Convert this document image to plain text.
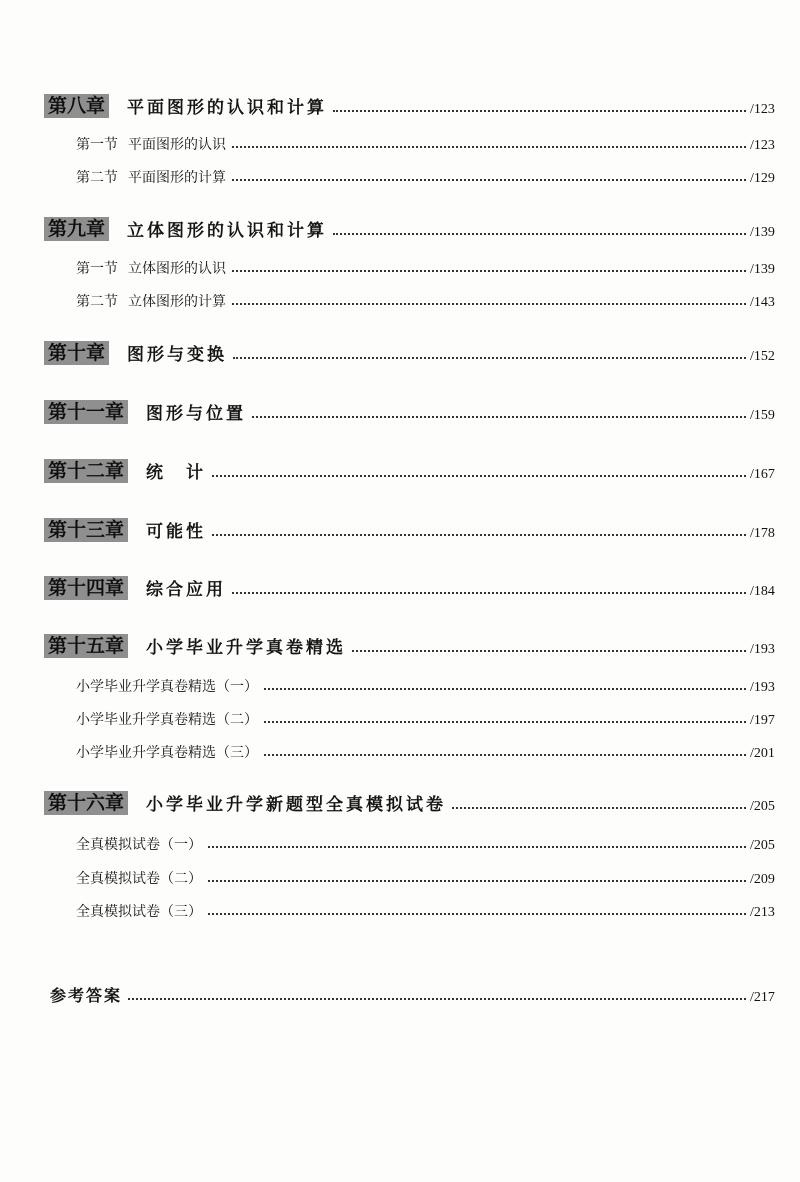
第八章 平面图形的认识和计算	/123
第一节 平面图形的认识	/123
第二节 平面图形的计算	/129
第九章 立体图形的认识和计算	/139
第一节 立体图形的认识	/139
第二节 立体图形的计算	/143
第十章 图形与变换	/152
第十一章 图形与位置	/159
第十二章 统　计	/167
第十三章 可能性	/178
第十四章 综合应用	/184
第十五章 小学毕业升学真卷精选	/193
小学毕业升学真卷精选（一）	/193
小学毕业升学真卷精选（二）	/197
小学毕业升学真卷精选（三）	/201
第十六章 小学毕业升学新题型全真模拟试卷	/205
全真模拟试卷（一）	/205
全真模拟试卷（二）	/209
全真模拟试卷（三）	/213
参考答案	/217
